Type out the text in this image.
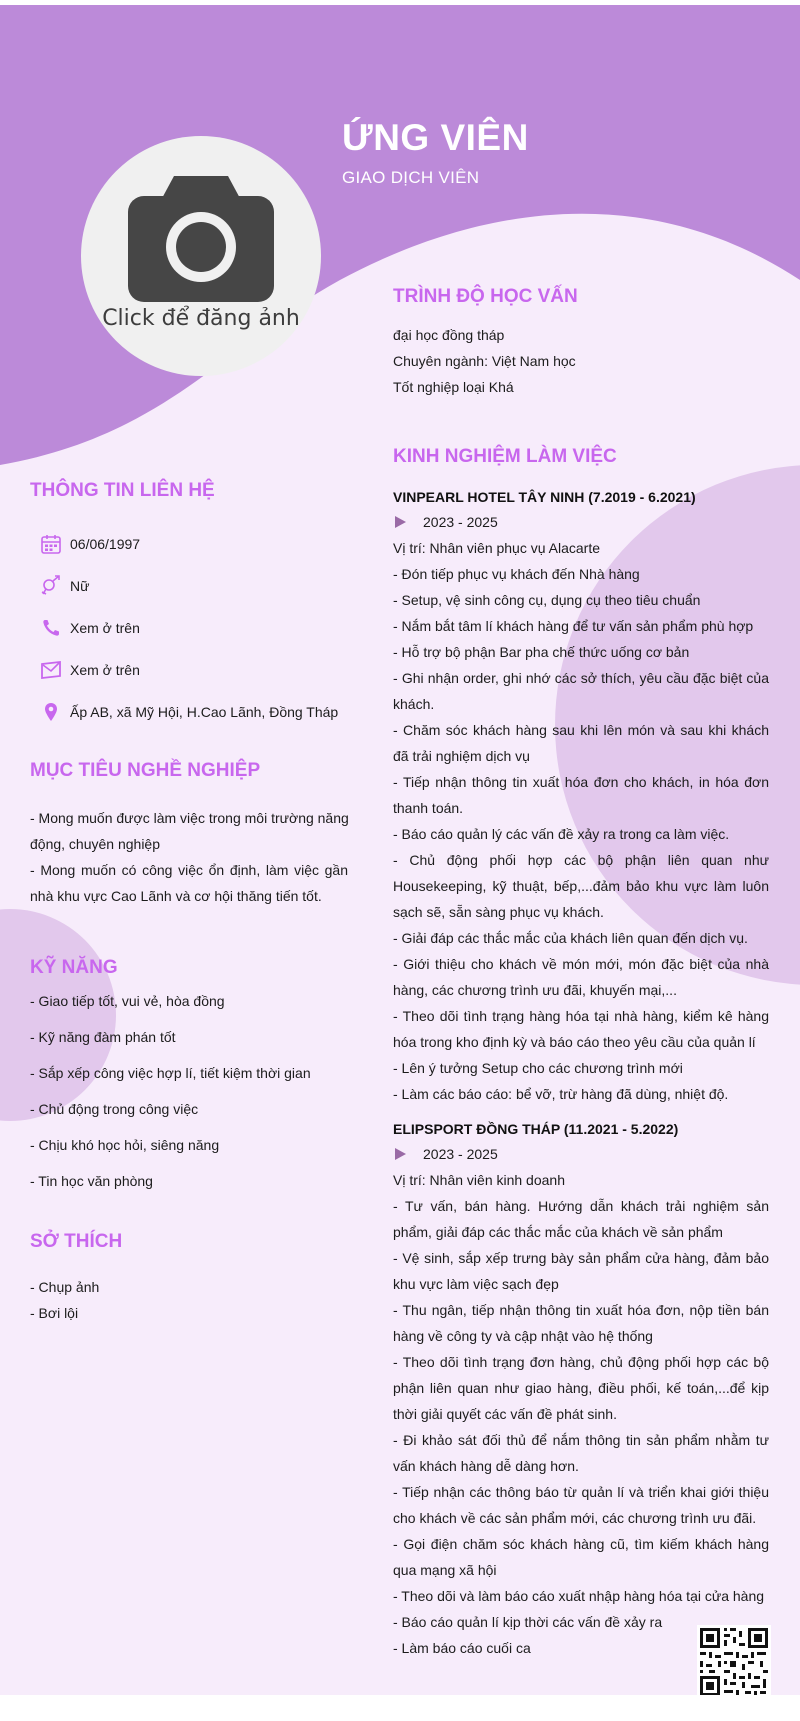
ỨNG VIÊN
GIAO DỊCH VIÊN
Click để đăng ảnh
THÔNG TIN LIÊN HỆ
06/06/1997
Nữ
Xem ở trên
Xem ở trên
Ấp AB, xã Mỹ Hội, H.Cao Lãnh, Đồng Tháp
MỤC TIÊU NGHỀ NGHIỆP
- Mong muốn được làm việc trong môi trường năng
động, chuyên nghiệp
- Mong muốn có công việc ổn định, làm việc gần
nhà khu vực Cao Lãnh và cơ hội thăng tiến tốt.
KỸ NĂNG
- Giao tiếp tốt, vui vẻ, hòa đồng
- Kỹ năng đàm phán tốt
- Sắp xếp công việc hợp lí, tiết kiệm thời gian
- Chủ động trong công việc
- Chịu khó học hỏi, siêng năng
- Tin học văn phòng
SỞ THÍCH
- Chụp ảnh
- Bơi lội
TRÌNH ĐỘ HỌC VẤN
đại học đồng tháp
Chuyên ngành: Việt Nam học
Tốt nghiệp loại Khá
KINH NGHIỆM LÀM VIỆC
VINPEARL HOTEL TÂY NINH (7.2019 - 6.2021)
2023 - 2025
Vị trí: Nhân viên phục vụ Alacarte
- Đón tiếp phục vụ khách đến Nhà hàng
- Setup, vệ sinh công cụ, dụng cụ theo tiêu chuẩn
- Nắm bắt tâm lí khách hàng để tư vấn sản phẩm phù hợp
- Hỗ trợ bộ phận Bar pha chế thức uống cơ bản
- Ghi nhận order, ghi nhớ các sở thích, yêu cầu đặc biệt của khách.
- Chăm sóc khách hàng sau khi lên món và sau khi khách đã trải nghiệm dịch vụ
- Tiếp nhận thông tin xuất hóa đơn cho khách, in hóa đơn thanh toán.
- Báo cáo quản lý các vấn đề xảy ra trong ca làm việc.
- Chủ động phối hợp các bộ phận liên quan như Housekeeping, kỹ thuật, bếp,...đảm bảo khu vực làm luôn sạch sẽ, sẵn sàng phục vụ khách.
- Giải đáp các thắc mắc của khách liên quan đến dịch vụ.
- Giới thiệu cho khách về món mới, món đặc biệt của nhà hàng, các chương trình ưu đãi, khuyến mại,...
- Theo dõi tình trạng hàng hóa tại nhà hàng, kiểm kê hàng hóa trong kho định kỳ và báo cáo theo yêu cầu của quản lí
- Lên ý tưởng Setup cho các chương trình mới
- Làm các báo cáo: bể vỡ, trừ hàng đã dùng, nhiệt độ.
ELIPSPORT ĐỒNG THÁP (11.2021 - 5.2022)
2023 - 2025
Vị trí: Nhân viên kinh doanh
- Tư vấn, bán hàng. Hướng dẫn khách trải nghiệm sản phẩm, giải đáp các thắc mắc của khách về sản phẩm
- Vệ sinh, sắp xếp trưng bày sản phẩm cửa hàng, đảm bảo khu vực làm việc sạch đẹp
- Thu ngân, tiếp nhận thông tin xuất hóa đơn, nộp tiền bán hàng về công ty và cập nhật vào hệ thống
- Theo dõi tình trạng đơn hàng, chủ động phối hợp các bộ phận liên quan như giao hàng, điều phối, kế toán,...để kịp thời giải quyết các vấn đề phát sinh.
- Đi khảo sát đối thủ để nắm thông tin sản phẩm nhằm tư vấn khách hàng dễ dàng hơn.
- Tiếp nhận các thông báo từ quản lí và triển khai giới thiệu cho khách về các sản phẩm mới, các chương trình ưu đãi.
- Gọi điện chăm sóc khách hàng cũ, tìm kiếm khách hàng qua mạng xã hội
- Theo dõi và làm báo cáo xuất nhập hàng hóa tại cửa hàng
- Báo cáo quản lí kịp thời các vấn đề xảy ra
- Làm báo cáo cuối ca
